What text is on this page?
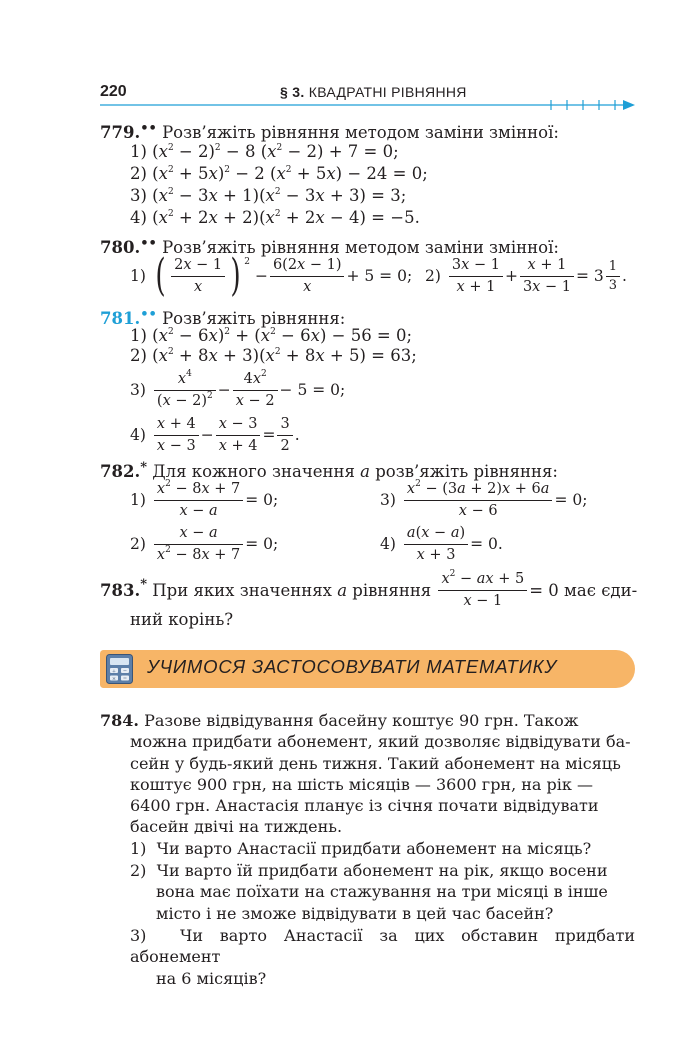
220	§ 3. КВАДРАТНІ РІВНЯННЯ
779.•• Розв’яжіть рівняння методом заміни змінної:
1) $(x^2 - 2)^2 - 8$ $(x^2 - 2) + 7 = 0$;
2) $(x^2 + 5x)^2 - 2$ $(x^2 + 5x) - 24 = 0$;
3) $(x^2 - 3x + 1)(x^2 - 3x + 3) = 3$;
4) $(x^2 + 2x + 2)(x^2 + 2x - 4) = -5$.
780.•• Розв’яжіть рівняння методом заміни змінної:
1) ( $\frac{2x - 1}{x}$ ) $^2$
− $\frac{6(2x - 1)}{x} + 5 = 0$; $2) \frac{3x - 1}{x + 1} + \frac{x + 1}{3x - 1} = 3 \frac{1}{3}$ .
781.•• Розв’яжіть рівняння:
1) $(x^2 - 6x)^2 + (x^2 - 6x) - 56 = 0$;
2) $(x^2 + 8x + 3)(x^2 + 8x + 5) = 63$;
$3) \frac{x^4}{(x - 2)^2} - \frac{4x^2}{x - 2} - 5 = 0$;
$4) \frac{x + 4}{x - 3} - \frac{x - 3}{x + 4} = \frac{3}{2}$ .
782.* Для кожного значення a розв’яжіть рівняння:
$1) \frac{x^2 - 8x + 7}{x - a} = 0$;	$3) \frac{x^2 - (3a + 2)x + 6a}{x - 6} = 0$;
$2) \frac{x - a}{x^2 - 8x + 7} = 0$;	$4) \frac{a(x - a)}{x + 3} = 0$.
783. *
При яких значеннях
a
рівняння
$\frac{x^2 - ax + 5}{x - 1} = 0$ має єди-
ний корінь?
+ −
× =
УЧИМОСЯ ЗАСТОСОВУВАТИ МАТЕМАТИКУ
784. Разове відвідування басейну коштує 90 грн. Також
можна придбати абонемент, який дозволяє відвідувати ба-
сейн у будь-який день тижня. Такий абонемент на місяць
коштує 900 грн, на шість місяців — 3600 грн, на рік —
6400 грн. Анастасія планує із січня почати відвідувати
басейн двічі на тиждень.
1) Чи варто Анастасії придбати абонемент на місяць?
2) Чи варто їй придбати абонемент на рік, якщо восени
вона має поїхати на стажування на три місяці в інше
місто і не зможе відвідувати в цей час басейн?
3) Чи варто Анастасії за цих обставин придбати абонемент
на 6 місяців?
